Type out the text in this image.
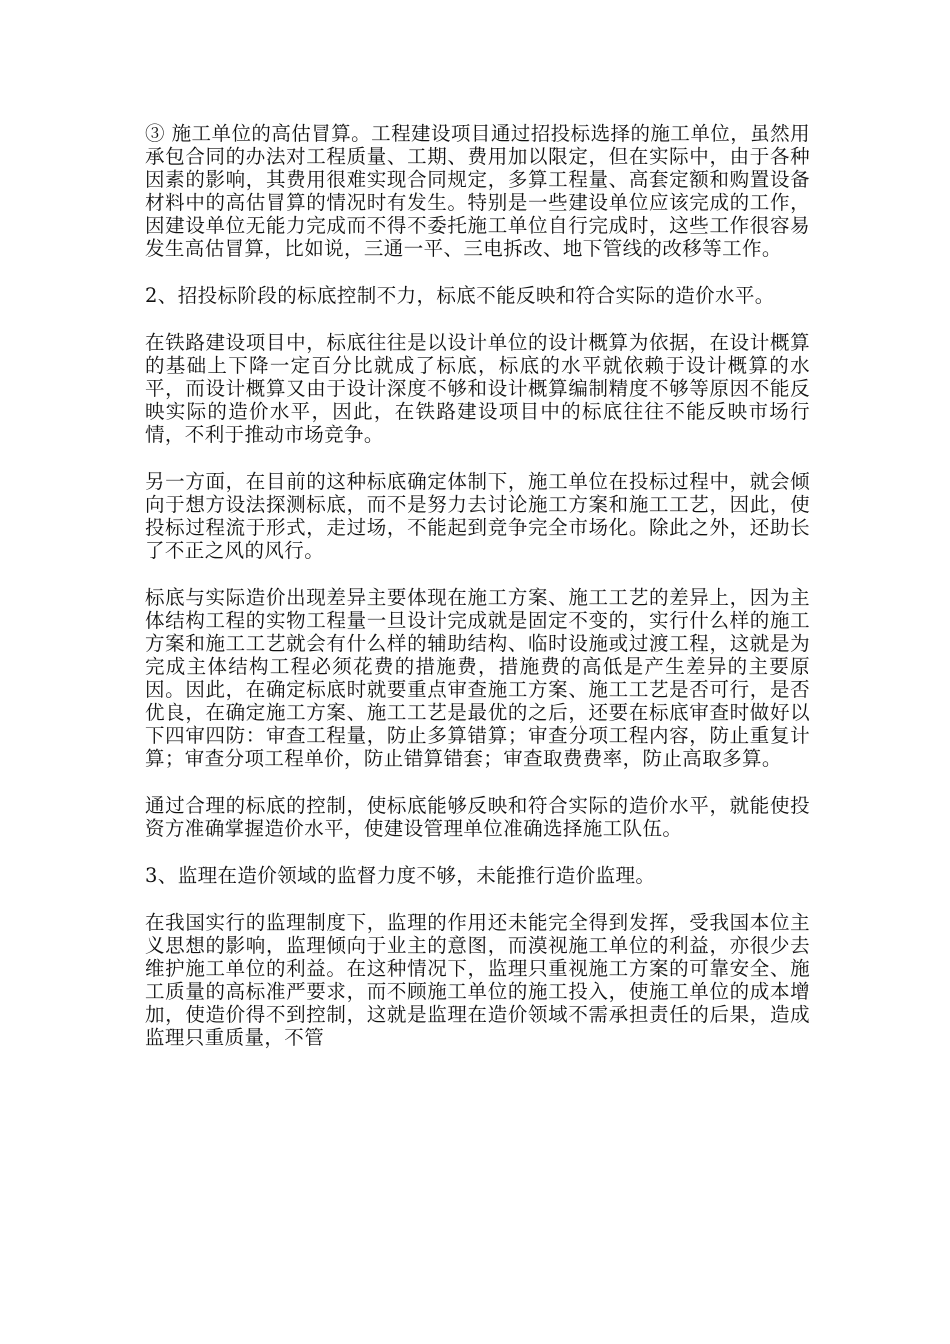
③ 施工单位的高估冒算。工程建设项目通过招投标选择的施工单位，虽然用承包合同的办法对工程质量、工期、费用加以限定，但在实际中，由于各种因素的影响，其费用很难实现合同规定，多算工程量、高套定额和购置设备材料中的高估冒算的情况时有发生。特别是一些建设单位应该完成的工作，因建设单位无能力完成而不得不委托施工单位自行完成时，这些工作很容易发生高估冒算，比如说，三通一平、三电拆改、地下管线的改移等工作。

2、招投标阶段的标底控制不力，标底不能反映和符合实际的造价水平。

在铁路建设项目中，标底往往是以设计单位的设计概算为依据，在设计概算的基础上下降一定百分比就成了标底，标底的水平就依赖于设计概算的水平，而设计概算又由于设计深度不够和设计概算编制精度不够等原因不能反映实际的造价水平，因此，在铁路建设项目中的标底往往不能反映市场行情，不利于推动市场竞争。

另一方面，在目前的这种标底确定体制下，施工单位在投标过程中，就会倾向于想方设法探测标底，而不是努力去讨论施工方案和施工工艺，因此，使投标过程流于形式，走过场，不能起到竞争完全市场化。除此之外，还助长了不正之风的风行。

标底与实际造价出现差异主要体现在施工方案、施工工艺的差异上，因为主体结构工程的实物工程量一旦设计完成就是固定不变的，实行什么样的施工方案和施工工艺就会有什么样的辅助结构、临时设施或过渡工程，这就是为完成主体结构工程必须花费的措施费，措施费的高低是产生差异的主要原因。因此，在确定标底时就要重点审查施工方案、施工工艺是否可行，是否优良，在确定施工方案、施工工艺是最优的之后，还要在标底审查时做好以下四审四防：审查工程量，防止多算错算；审查分项工程内容，防止重复计算；审查分项工程单价，防止错算错套；审查取费费率，防止高取多算。

通过合理的标底的控制，使标底能够反映和符合实际的造价水平，就能使投资方准确掌握造价水平，使建设管理单位准确选择施工队伍。

3、监理在造价领域的监督力度不够，未能推行造价监理。

在我国实行的监理制度下，监理的作用还未能完全得到发挥，受我国本位主义思想的影响，监理倾向于业主的意图，而漠视施工单位的利益，亦很少去维护施工单位的利益。在这种情况下，监理只重视施工方案的可靠安全、施工质量的高标准严要求，而不顾施工单位的施工投入，使施工单位的成本增加，使造价得不到控制，这就是监理在造价领域不需承担责任的后果，造成监理只重质量，不管
